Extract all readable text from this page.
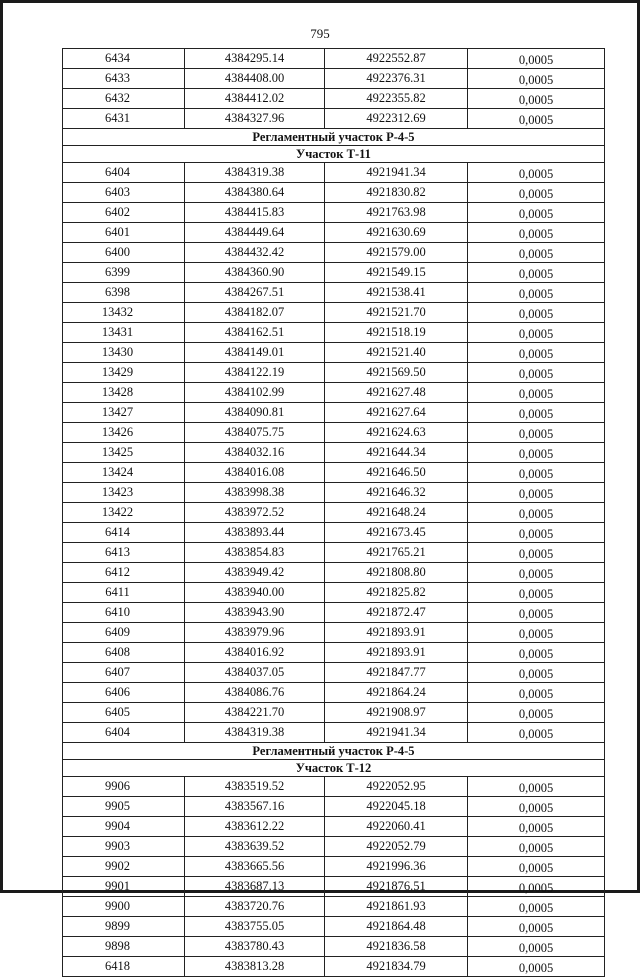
795
6434	4384295.14	4922552.87	0,0005
6433	4384408.00	4922376.31	0,0005
6432	4384412.02	4922355.82	0,0005
6431	4384327.96	4922312.69	0,0005
Регламентный участок Р-4-5			
Участок Т-11			
6404	4384319.38	4921941.34	0,0005
6403	4384380.64	4921830.82	0,0005
6402	4384415.83	4921763.98	0,0005
6401	4384449.64	4921630.69	0,0005
6400	4384432.42	4921579.00	0,0005
6399	4384360.90	4921549.15	0,0005
6398	4384267.51	4921538.41	0,0005
13432	4384182.07	4921521.70	0,0005
13431	4384162.51	4921518.19	0,0005
13430	4384149.01	4921521.40	0,0005
13429	4384122.19	4921569.50	0,0005
13428	4384102.99	4921627.48	0,0005
13427	4384090.81	4921627.64	0,0005
13426	4384075.75	4921624.63	0,0005
13425	4384032.16	4921644.34	0,0005
13424	4384016.08	4921646.50	0,0005
13423	4383998.38	4921646.32	0,0005
13422	4383972.52	4921648.24	0,0005
6414	4383893.44	4921673.45	0,0005
6413	4383854.83	4921765.21	0,0005
6412	4383949.42	4921808.80	0,0005
6411	4383940.00	4921825.82	0,0005
6410	4383943.90	4921872.47	0,0005
6409	4383979.96	4921893.91	0,0005
6408	4384016.92	4921893.91	0,0005
6407	4384037.05	4921847.77	0,0005
6406	4384086.76	4921864.24	0,0005
6405	4384221.70	4921908.97	0,0005
6404	4384319.38	4921941.34	0,0005
Регламентный участок Р-4-5			
Участок Т-12			
9906	4383519.52	4922052.95	0,0005
9905	4383567.16	4922045.18	0,0005
9904	4383612.22	4922060.41	0,0005
9903	4383639.52	4922052.79	0,0005
9902	4383665.56	4921996.36	0,0005
9901	4383687.13	4921876.51	0,0005
9900	4383720.76	4921861.93	0,0005
9899	4383755.05	4921864.48	0,0005
9898	4383780.43	4921836.58	0,0005
6418	4383813.28	4921834.79	0,0005
